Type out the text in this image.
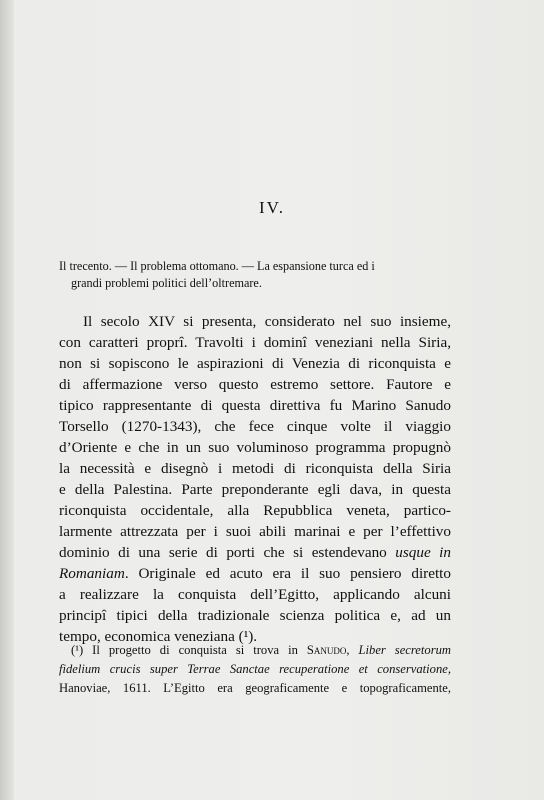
IV.
Il trecento. — Il problema ottomano. — La espansione turca ed i
grandi problemi politici dell’oltremare.
Il secolo XIV si presenta, considerato nel suo insieme,
con caratteri proprî. Travolti i dominî veneziani nella Siria,
non si sopiscono le aspirazioni di Venezia di riconquista e
di affermazione verso questo estremo settore. Fautore e
tipico rappresentante di questa direttiva fu Marino Sanudo
Torsello (1270-1343), che fece cinque volte il viaggio
d’Oriente e che in un suo voluminoso programma propugnò
la necessità e disegnò i metodi di riconquista della Siria
e della Palestina. Parte preponderante egli dava, in questa
riconquista occidentale, alla Repubblica veneta, partico-
larmente attrezzata per i suoi abili marinai e per l’effettivo
dominio di una serie di porti che si estendevano usque in
Romaniam. Originale ed acuto era il suo pensiero diretto
a realizzare la conquista dell’Egitto, applicando alcuni
principî tipici della tradizionale scienza politica e, ad un
tempo, economica veneziana (¹).
(¹) Il progetto di conquista si trova in Sanudo, Liber secretorum
fidelium crucis super Terrae Sanctae recuperatione et conservatione,
Hanoviae, 1611. L’Egitto era geograficamente e topograficamente,
